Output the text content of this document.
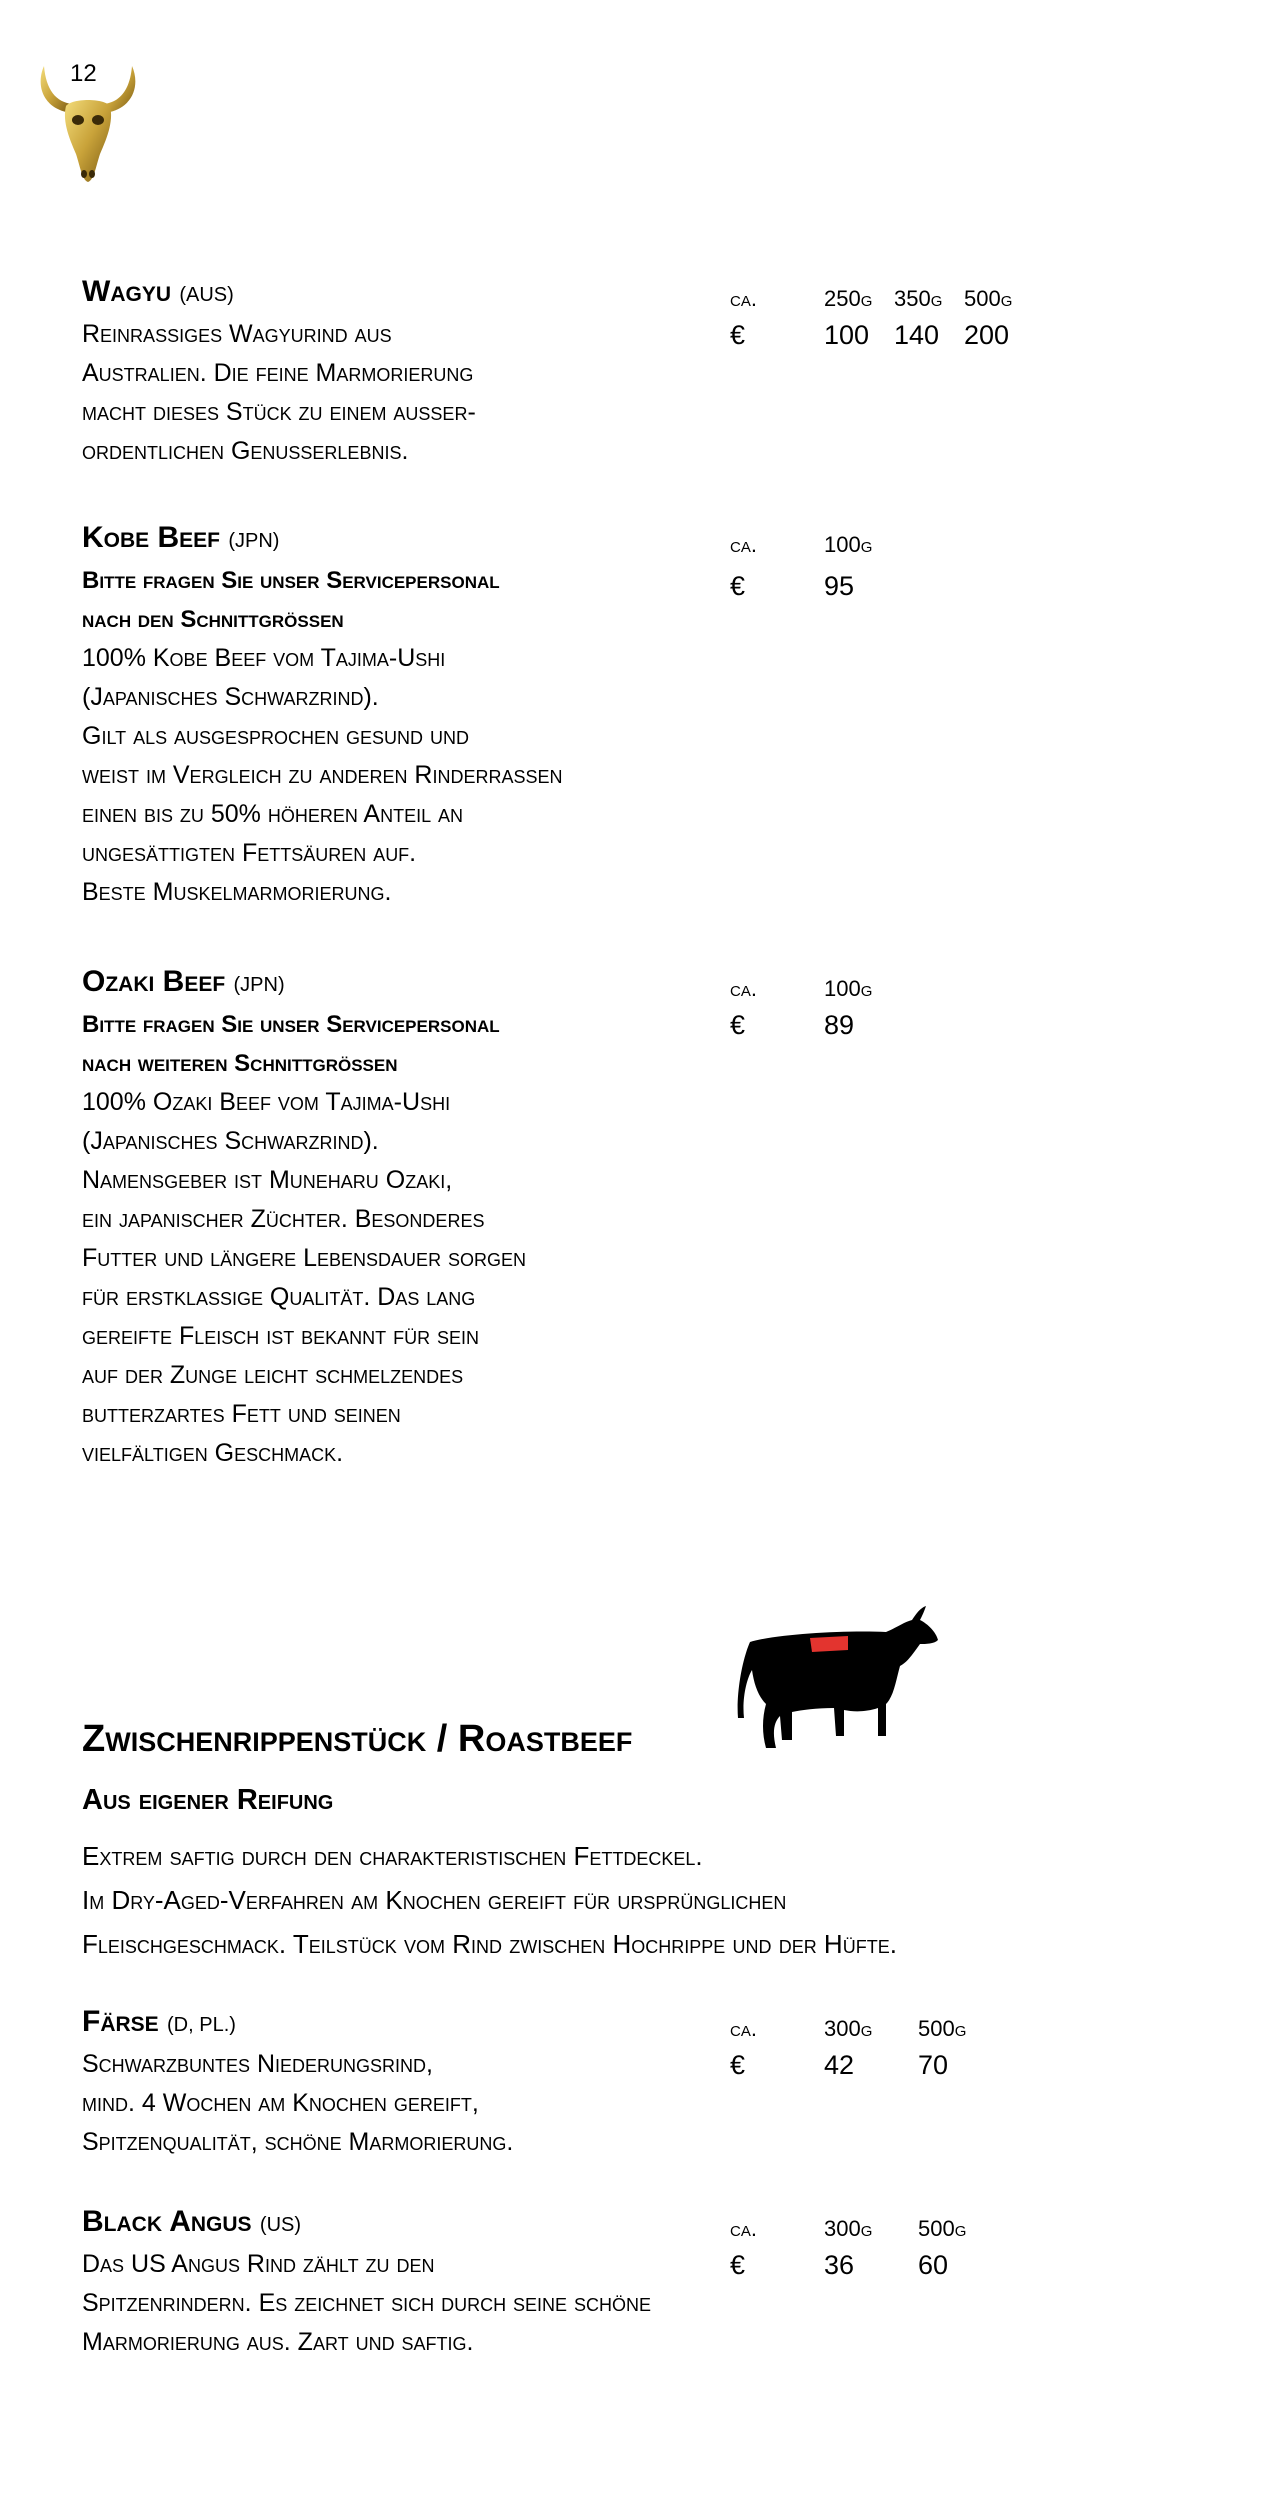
12
Wagyu (AUS)
Reinrassiges Wagyurind aus
Australien. Die feine Marmorierung
macht dieses Stück zu einem außer-
ordentlichen Genusserlebnis.
ca.	250g 350g 500g
€	100 140 200
Kobe Beef (JPN)
Bitte fragen Sie unser Servicepersonal
nach den Schnittgrößen
100% Kobe Beef vom Tajima-Ushi
(Japanisches Schwarzrind).
Gilt als ausgesprochen gesund und
weist im Vergleich zu anderen Rinderrassen
einen bis zu 50% höheren Anteil an
ungesättigten Fettsäuren auf.
Beste Muskelmarmorierung.
ca.	100g
€	95
Ozaki Beef (JPN)
Bitte fragen Sie unser Servicepersonal
nach weiteren Schnittgrößen
100% Ozaki Beef vom Tajima-Ushi
(Japanisches Schwarzrind).
Namensgeber ist Muneharu Ozaki,
ein japanischer Züchter. Besonderes
Futter und längere Lebensdauer sorgen
für erstklassige Qualität. Das lang
gereifte Fleisch ist bekannt für sein
auf der Zunge leicht schmelzendes
butterzartes Fett und seinen
vielfältigen Geschmack.
ca.	100g
€	89
Zwischenrippenstück / Roastbeef
Aus eigener Reifung
Extrem saftig durch den charakteristischen Fettdeckel.
Im Dry-Aged-Verfahren am Knochen gereift für ursprünglichen
Fleischgeschmack. Teilstück vom Rind zwischen Hochrippe und der Hüfte.
Färse (D, PL.)
Schwarzbuntes Niederungsrind,
mind. 4 Wochen am Knochen gereift,
Spitzenqualität, schöne Marmorierung.
ca.	300g	500g
€	42	70
Black Angus (US)
Das US Angus Rind zählt zu den
Spitzenrindern. Es zeichnet sich durch seine schöne
Marmorierung aus. Zart und saftig.
ca.	300g	500g
€	36	60
